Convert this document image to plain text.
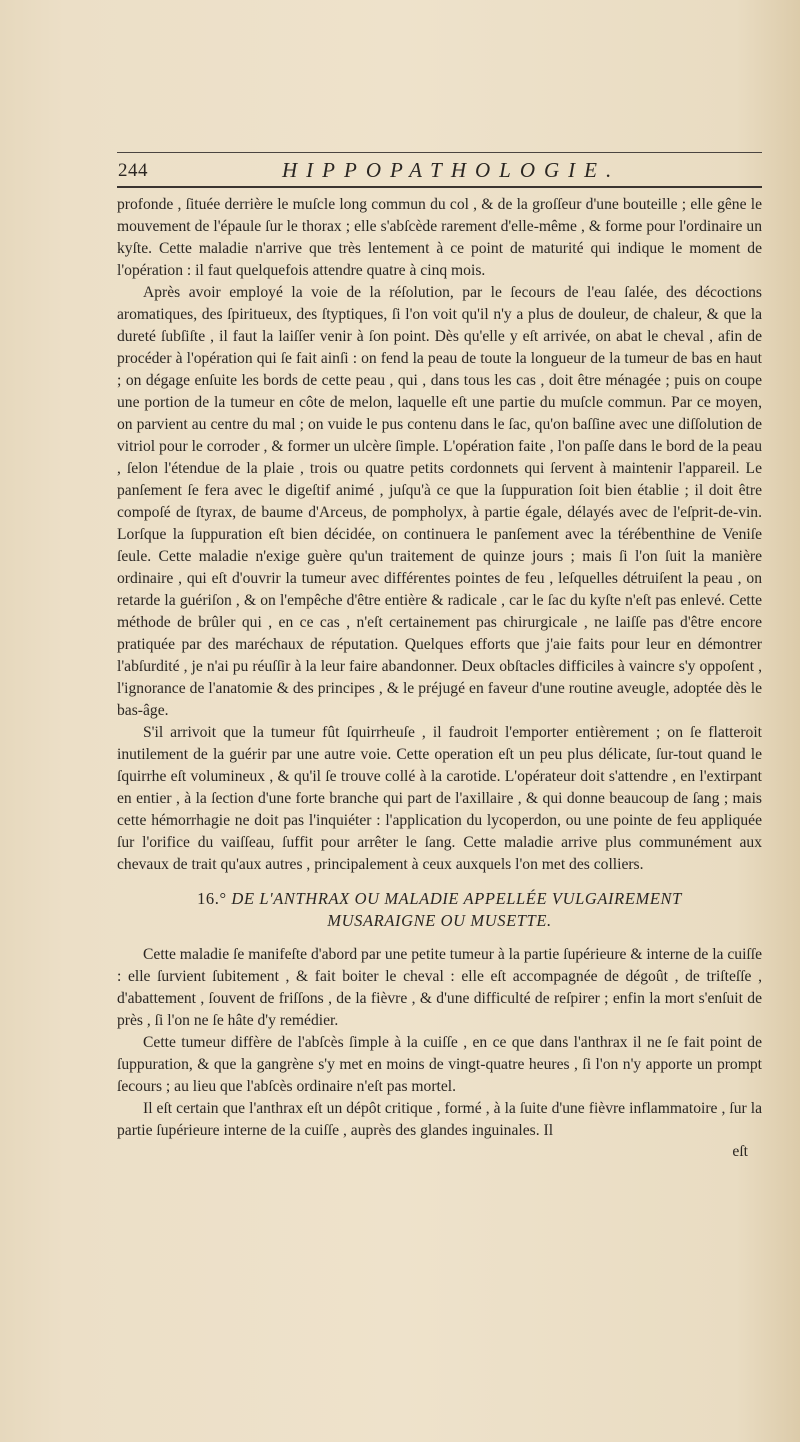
244	HIPPOPATHOLOGIE.

profonde , ſituée derrière le muſcle long commun du col , & de la groſſeur d'une bouteille ; elle gêne le mouvement de l'épaule ſur le thorax ; elle s'abſcède rarement d'elle-même , & forme pour l'ordinaire un kyſte. Cette maladie n'arrive que très lentement à ce point de maturité qui indique le moment de l'opération : il faut quelquefois attendre quatre à cinq mois.

Après avoir employé la voie de la réſolution, par le ſecours de l'eau ſalée, des décoctions aromatiques, des ſpiritueux, des ſtyptiques, ſi l'on voit qu'il n'y a plus de douleur, de chaleur, & que la dureté ſubſiſte , il faut la laiſſer venir à ſon point. Dès qu'elle y eſt arrivée, on abat le cheval , afin de procéder à l'opération qui ſe fait ainſi : on fend la peau de toute la longueur de la tumeur de bas en haut ; on dégage enſuite les bords de cette peau , qui , dans tous les cas , doit être ménagée ; puis on coupe une portion de la tumeur en côte de melon, laquelle eſt une partie du muſcle commun. Par ce moyen, on parvient au centre du mal ; on vuide le pus contenu dans le ſac, qu'on baſſine avec une diſſolution de vitriol pour le corroder , & former un ulcère ſimple. L'opération faite , l'on paſſe dans le bord de la peau , ſelon l'étendue de la plaie , trois ou quatre petits cordonnets qui ſervent à maintenir l'appareil. Le panſement ſe fera avec le digeſtif animé , juſqu'à ce que la ſuppuration ſoit bien établie ; il doit être compoſé de ſtyrax, de baume d'Arceus, de pompholyx, à partie égale, délayés avec de l'eſprit-de-vin. Lorſque la ſuppuration eſt bien décidée, on continuera le panſement avec la térébenthine de Veniſe ſeule. Cette maladie n'exige guère qu'un traitement de quinze jours ; mais ſi l'on ſuit la manière ordinaire , qui eſt d'ouvrir la tumeur avec différentes pointes de feu , leſquelles détruiſent la peau , on retarde la guériſon , & on l'empêche d'être entière & radicale , car le ſac du kyſte n'eſt pas enlevé. Cette méthode de brûler qui , en ce cas , n'eſt certainement pas chirurgicale , ne laiſſe pas d'être encore pratiquée par des maréchaux de réputation. Quelques efforts que j'aie faits pour leur en démontrer l'abſurdité , je n'ai pu réuſſir à la leur faire abandonner. Deux obſtacles difficiles à vaincre s'y oppoſent , l'ignorance de l'anatomie & des principes , & le préjugé en faveur d'une routine aveugle, adoptée dès le bas-âge.

S'il arrivoit que la tumeur fût ſquirrheuſe , il faudroit l'emporter entièrement ; on ſe flatteroit inutilement de la guérir par une autre voie. Cette operation eſt un peu plus délicate, ſur-tout quand le ſquirrhe eſt volumineux , & qu'il ſe trouve collé à la carotide. L'opérateur doit s'attendre , en l'extirpant en entier , à la ſection d'une forte branche qui part de l'axillaire , & qui donne beaucoup de ſang ; mais cette hémorrhagie ne doit pas l'inquiéter : l'application du lycoperdon, ou une pointe de feu appliquée ſur l'orifice du vaiſſeau, ſuffit pour arrêter le ſang. Cette maladie arrive plus communément aux chevaux de trait qu'aux autres , principalement à ceux auxquels l'on met des colliers.

16.° DE L'ANTHRAX OU MALADIE APPELLÉE VULGAIREMENT
MUSARAIGNE OU MUSETTE.

Cette maladie ſe manifeſte d'abord par une petite tumeur à la partie ſupérieure & interne de la cuiſſe : elle ſurvient ſubitement , & fait boiter le cheval : elle eſt accompagnée de dégoût , de triſteſſe , d'abattement , ſouvent de friſſons , de la fièvre , & d'une difficulté de reſpirer ; enfin la mort s'enſuit de près , ſi l'on ne ſe hâte d'y remédier.

Cette tumeur diffère de l'abſcès ſimple à la cuiſſe , en ce que dans l'anthrax il ne ſe fait point de ſuppuration, & que la gangrène s'y met en moins de vingt-quatre heures , ſi l'on n'y apporte un prompt ſecours ; au lieu que l'abſcès ordinaire n'eſt pas mortel.

Il eſt certain que l'anthrax eſt un dépôt critique , formé , à la ſuite d'une fièvre inflammatoire , ſur la partie ſupérieure interne de la cuiſſe , auprès des glandes inguinales. Il

eſt
